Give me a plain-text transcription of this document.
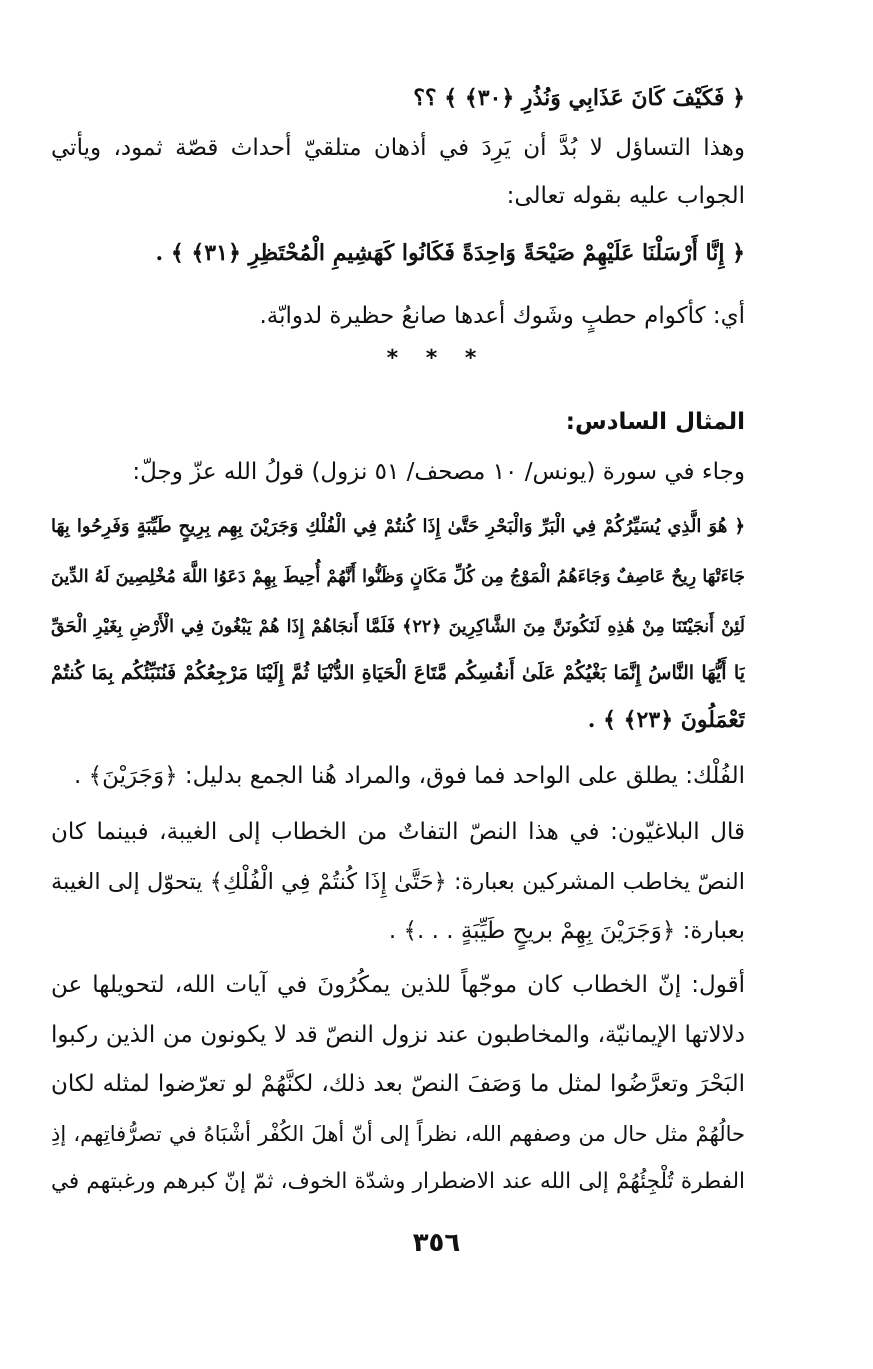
﴿ فَكَيْفَ كَانَ عَذَابِي وَنُذُرِ ﴿٣٠﴾ ﴾ ؟؟
وهذا التساؤل لا بُدَّ أن يَرِدَ في أذهان متلقيّ أحداث قصّة ثمود، ويأتي
الجواب عليه بقوله تعالى:
﴿ إِنَّا أَرْسَلْنَا عَلَيْهِمْ صَيْحَةً وَاحِدَةً فَكَانُوا كَهَشِيمِ الْمُحْتَظِرِ ﴿٣١﴾ ﴾ .
أي: كأكوام حطبٍ وشَوك أعدها صانعُ حظيرة لدوابّة.
* * *
المثال السادس:
وجاء في سورة (يونس/ ١٠ مصحف/ ٥١ نزول) قولُ الله عزّ وجلّ:
﴿ هُوَ الَّذِي يُسَيِّرُكُمْ فِي الْبَرِّ وَالْبَحْرِ حَتَّىٰ إِذَا كُنتُمْ فِي الْفُلْكِ وَجَرَيْنَ بِهِم بِرِيحٍ طَيِّبَةٍ وَفَرِحُوا بِهَا
جَاءَتْهَا رِيحٌ عَاصِفٌ وَجَاءَهُمُ الْمَوْجُ مِن كُلِّ مَكَانٍ وَظَنُّوا أَنَّهُمْ أُحِيطَ بِهِمْ دَعَوُا اللَّهَ مُخْلِصِينَ لَهُ الدِّينَ
لَئِنْ أَنجَيْتَنَا مِنْ هَٰذِهِ لَنَكُونَنَّ مِنَ الشَّاكِرِينَ ﴿٢٢﴾ فَلَمَّا أَنجَاهُمْ إِذَا هُمْ يَبْغُونَ فِي الْأَرْضِ بِغَيْرِ الْحَقِّ
يَا أَيُّهَا النَّاسُ إِنَّمَا بَغْيُكُمْ عَلَىٰ أَنفُسِكُم مَّتَاعَ الْحَيَاةِ الدُّنْيَا ثُمَّ إِلَيْنَا مَرْجِعُكُمْ فَنُنَبِّئُكُم بِمَا كُنتُمْ
تَعْمَلُونَ ﴿٢٣﴾ ﴾ .
الفُلْك: يطلق على الواحد فما فوق، والمراد هُنا الجمع بدليل: ﴿وَجَرَيْنَ﴾ .
قال البلاغيّون: في هذا النصّ التفاتٌ من الخطاب إلى الغيبة، فبينما كان
النصّ يخاطب المشركين بعبارة: ﴿حَتَّىٰ إِذَا كُنتُمْ فِي الْفُلْكِ﴾ يتحوّل إلى الغيبة
بعبارة: ﴿وَجَرَيْنَ بِهِمْ بريحٍ طَيِّبَةٍ . . .﴾ .
أقول: إنّ الخطاب كان موجّهاً للذين يمكُرُونَ في آيات الله، لتحويلها عن
دلالاتها الإيمانيّة، والمخاطبون عند نزول النصّ قد لا يكونون من الذين ركبوا
البَحْرَ وتعرَّضُوا لمثل ما وَصَفَ النصّ بعد ذلك، لكنَّهُمْ لو تعرّضوا لمثله لكان
حالُهُمْ مثل حال من وصفهم الله، نظراً إلى أنّ أهلَ الكُفْر أشْبَاهُ في تصرُّفاتِهم، إذِ
الفطرة تُلْجِئُهُمْ إلى الله عند الاضطرار وشدّة الخوف، ثمّ إنّ كبرهم ورغبتهم في
٣٥٦
